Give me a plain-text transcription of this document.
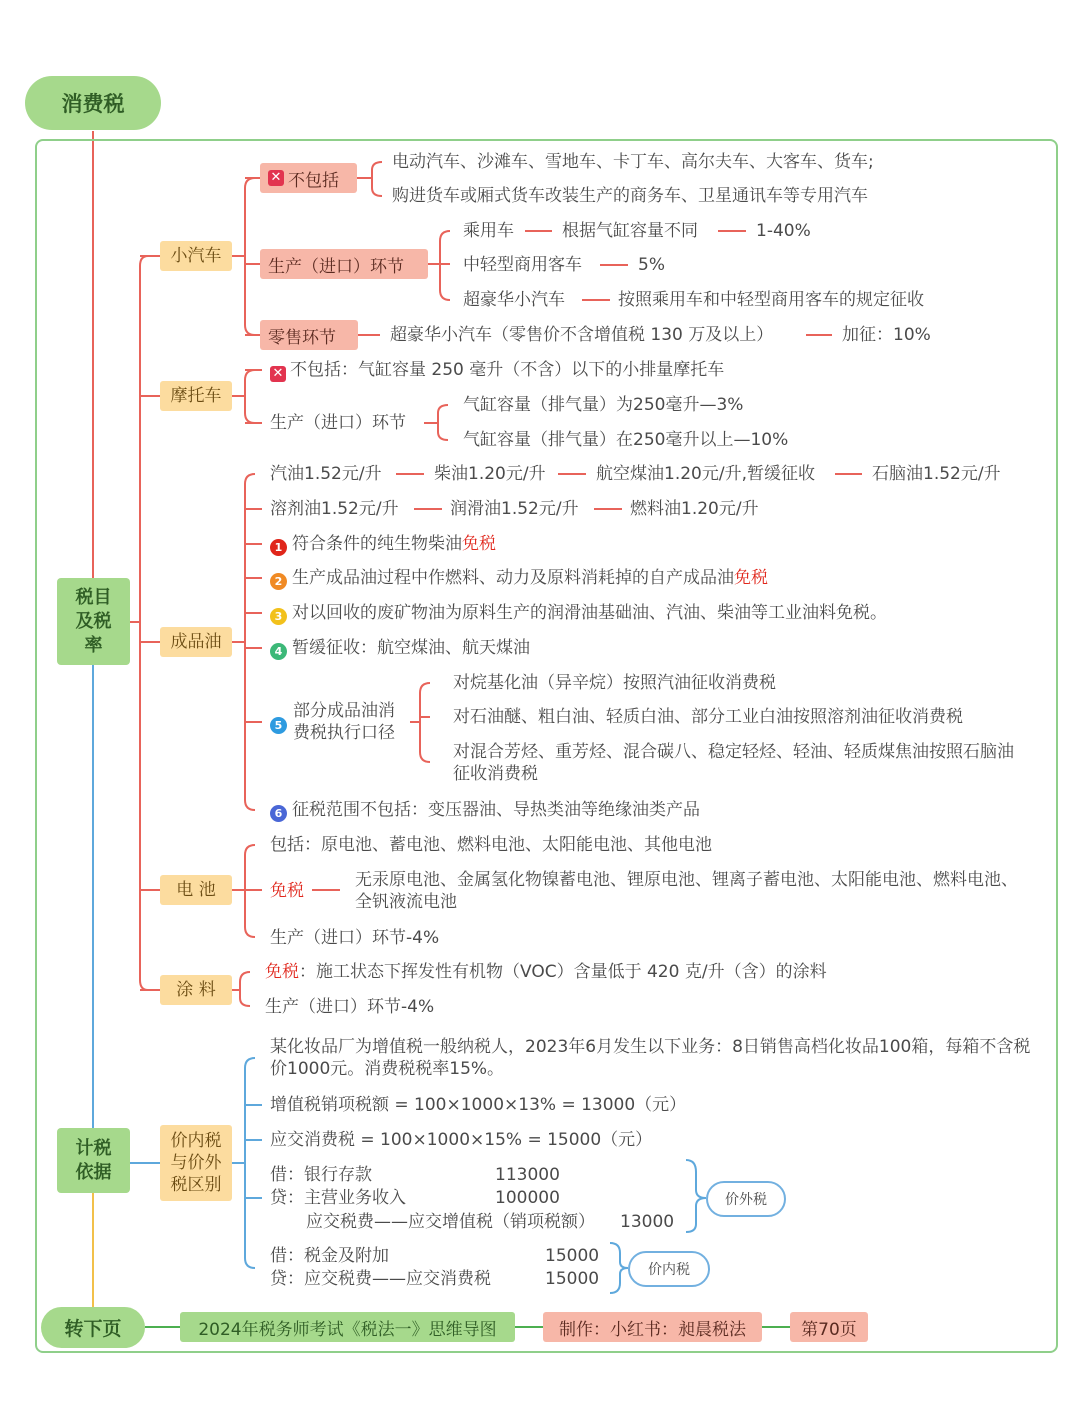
消费税
税目及税率
计税依据
小汽车
摩托车
成品油
电 池
涂 料
价内税与价外税区别
✕ 不包括
电动汽车、沙滩车、雪地车、卡丁车、高尔夫车、大客车、货车;
购进货车或厢式货车改装生产的商务车、卫星通讯车等专用汽车
生产（进口）环节
乘用车	根据气缸容量不同	1-40%
中轻型商用客车	5%
超豪华小汽车	按照乘用车和中轻型商用客车的规定征收
零售环节	超豪华小汽车（零售价不含增值税 130 万及以上）	加征：10%
✕ 不包括：气缸容量 250 毫升（不含）以下的小排量摩托车
生产（进口）环节
气缸容量（排气量）为250毫升—3%
气缸容量（排气量）在250毫升以上—10%
汽油1.52元/升	柴油1.20元/升	航空煤油1.20元/升,暂缓征收	石脑油1.52元/升
溶剂油1.52元/升	润滑油1.52元/升	燃料油1.20元/升
1 符合条件的纯生物柴油免税
2 生产成品油过程中作燃料、动力及原料消耗掉的自产成品油免税
3 对以回收的废矿物油为原料生产的润滑油基础油、汽油、柴油等工业油料免税。
4 暂缓征收：航空煤油、航天煤油
5
部分成品油消费税执行口径
对烷基化油（异辛烷）按照汽油征收消费税
对石油醚、粗白油、轻质白油、部分工业白油按照溶剂油征收消费税
对混合芳烃、重芳烃、混合碳八、稳定轻烃、轻油、轻质煤焦油按照石脑油征收消费税
6 征税范围不包括：变压器油、导热类油等绝缘油类产品
包括：原电池、蓄电池、燃料电池、太阳能电池、其他电池
免税
无汞原电池、金属氢化物镍蓄电池、锂原电池、锂离子蓄电池、太阳能电池、燃料电池、全钒液流电池
生产（进口）环节-4%
免税：施工状态下挥发性有机物（VOC）含量低于 420 克/升（含）的涂料
生产（进口）环节-4%
某化妆品厂为增值税一般纳税人，2023年6月发生以下业务：8日销售高档化妆品100箱，每箱不含税价1000元。消费税税率15%。
增值税销项税额 = 100×1000×13% = 13000（元）
应交消费税 = 100×1000×15% = 15000（元）
借：银行存款	113000
贷：主营业务收入	100000
应交税费——应交增值税（销项税额） 13000
价外税
借：税金及附加	15000
贷：应交税费——应交消费税	15000	价内税
转下页	2024年税务师考试《税法一》思维导图	制作：小红书：昶晨税法	第70页
